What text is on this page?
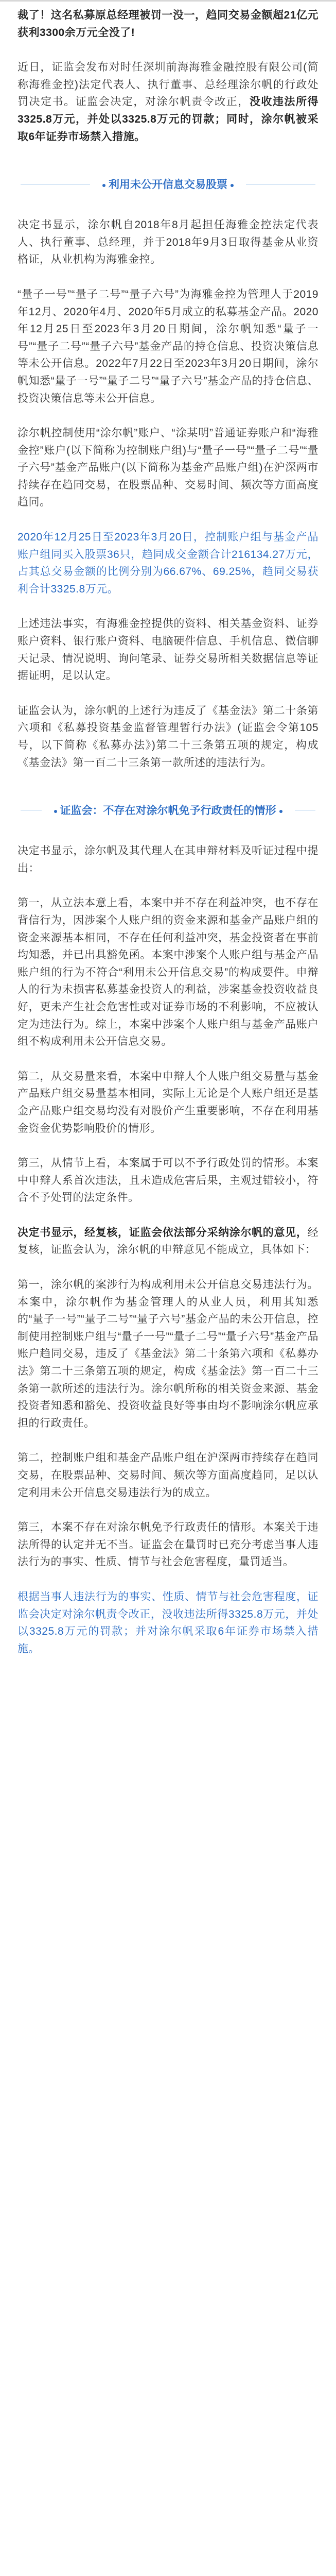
裁了！这名私募原总经理被罚一没一，趋同交易金额超21亿元获利3300余万元全没了!

近日，证监会发布对时任深圳前海海雅金融控股有限公司(简称海雅金控)法定代表人、执行董事、总经理涂尔帆的行政处罚决定书。证监会决定，对涂尔帆责令改正，没收违法所得3325.8万元，并处以3325.8万元的罚款；同时，涂尔帆被采取6年证券市场禁入措施。

利用未公开信息交易股票

决定书显示，涂尔帆自2018年8月起担任海雅金控法定代表人、执行董事、总经理，并于2018年9月3日取得基金从业资格证，从业机构为海雅金控。

“量子一号”“量子二号”“量子六号”为海雅金控为管理人于2019年12月、2020年4月、2020年5月成立的私募基金产品。2020年12月25日至2023年3月20日期间，涂尔帆知悉“量子一号”“量子二号”“量子六号”基金产品的持仓信息、投资决策信息等未公开信息。2022年7月22日至2023年3月20日期间，涂尔帆知悉“量子一号”“量子二号”“量子六号”基金产品的持仓信息、投资决策信息等未公开信息。

涂尔帆控制使用“涂尔帆”账户、“涂某明”普通证券账户和“海雅金控”账户(以下简称为控制账户组)与“量子一号”“量子二号”“量子六号”基金产品账户(以下简称为基金产品账户组)在沪深两市持续存在趋同交易，在股票品种、交易时间、频次等方面高度趋同。

2020年12月25日至2023年3月20日，控制账户组与基金产品账户组同买入股票36只，趋同成交金额合计216134.27万元，占其总交易金额的比例分别为66.67%、69.25%，趋同交易获利合计3325.8万元。

上述违法事实，有海雅金控提供的资料、相关基金资料、证券账户资料、银行账户资料、电脑硬件信息、手机信息、微信聊天记录、情况说明、询问笔录、证券交易所相关数据信息等证据证明，足以认定。

证监会认为，涂尔帆的上述行为违反了《基金法》第二十条第六项和《私募投资基金监督管理暂行办法》(证监会令第105号，以下简称《私募办法》)第二十三条第五项的规定，构成《基金法》第一百二十三条第一款所述的违法行为。

证监会：不存在对涂尔帆免予行政责任的情形

决定书显示，涂尔帆及其代理人在其申辩材料及听证过程中提出：

第一，从立法本意上看，本案中并不存在利益冲突，也不存在背信行为，因涉案个人账户组的资金来源和基金产品账户组的资金来源基本相同，不存在任何利益冲突，基金投资者在事前均知悉，并已出具豁免函。本案中涉案个人账户组与基金产品账户组的行为不符合“利用未公开信息交易”的构成要件。申辩人的行为未损害私募基金投资人的利益，涉案基金投资收益良好，更未产生社会危害性或对证券市场的不利影响，不应被认定为违法行为。综上，本案中涉案个人账户组与基金产品账户组不构成利用未公开信息交易。

第二，从交易量来看，本案中申辩人个人账户组交易量与基金产品账户组交易量基本相同，实际上无论是个人账户组还是基金产品账户组交易均没有对股价产生重要影响，不存在利用基金资金优势影响股价的情形。

第三，从情节上看，本案属于可以不予行政处罚的情形。本案中申辩人系首次违法，且未造成危害后果，主观过错较小，符合不予处罚的法定条件。

决定书显示，经复核，证监会依法部分采纳涂尔帆的意见，经复核，证监会认为，涂尔帆的申辩意见不能成立，具体如下：

第一，涂尔帆的案涉行为构成利用未公开信息交易违法行为。本案中，涂尔帆作为基金管理人的从业人员，利用其知悉的“量子一号”“量子二号”“量子六号”基金产品的未公开信息，控制使用控制账户组与“量子一号”“量子二号”“量子六号”基金产品账户趋同交易，违反了《基金法》第二十条第六项和《私募办法》第二十三条第五项的规定，构成《基金法》第一百二十三条第一款所述的违法行为。涂尔帆所称的相关资金来源、基金投资者知悉和豁免、投资收益良好等事由均不影响涂尔帆应承担的行政责任。

第二，控制账户组和基金产品账户组在沪深两市持续存在趋同交易，在股票品种、交易时间、频次等方面高度趋同，足以认定利用未公开信息交易违法行为的成立。

第三，本案不存在对涂尔帆免予行政责任的情形。本案关于违法所得的认定并无不当。证监会在量罚时已充分考虑当事人违法行为的事实、性质、情节与社会危害程度，量罚适当。

根据当事人违法行为的事实、性质、情节与社会危害程度，证监会决定对涂尔帆责令改正，没收违法所得3325.8万元，并处以3325.8万元的罚款；并对涂尔帆采取6年证券市场禁入措施。
